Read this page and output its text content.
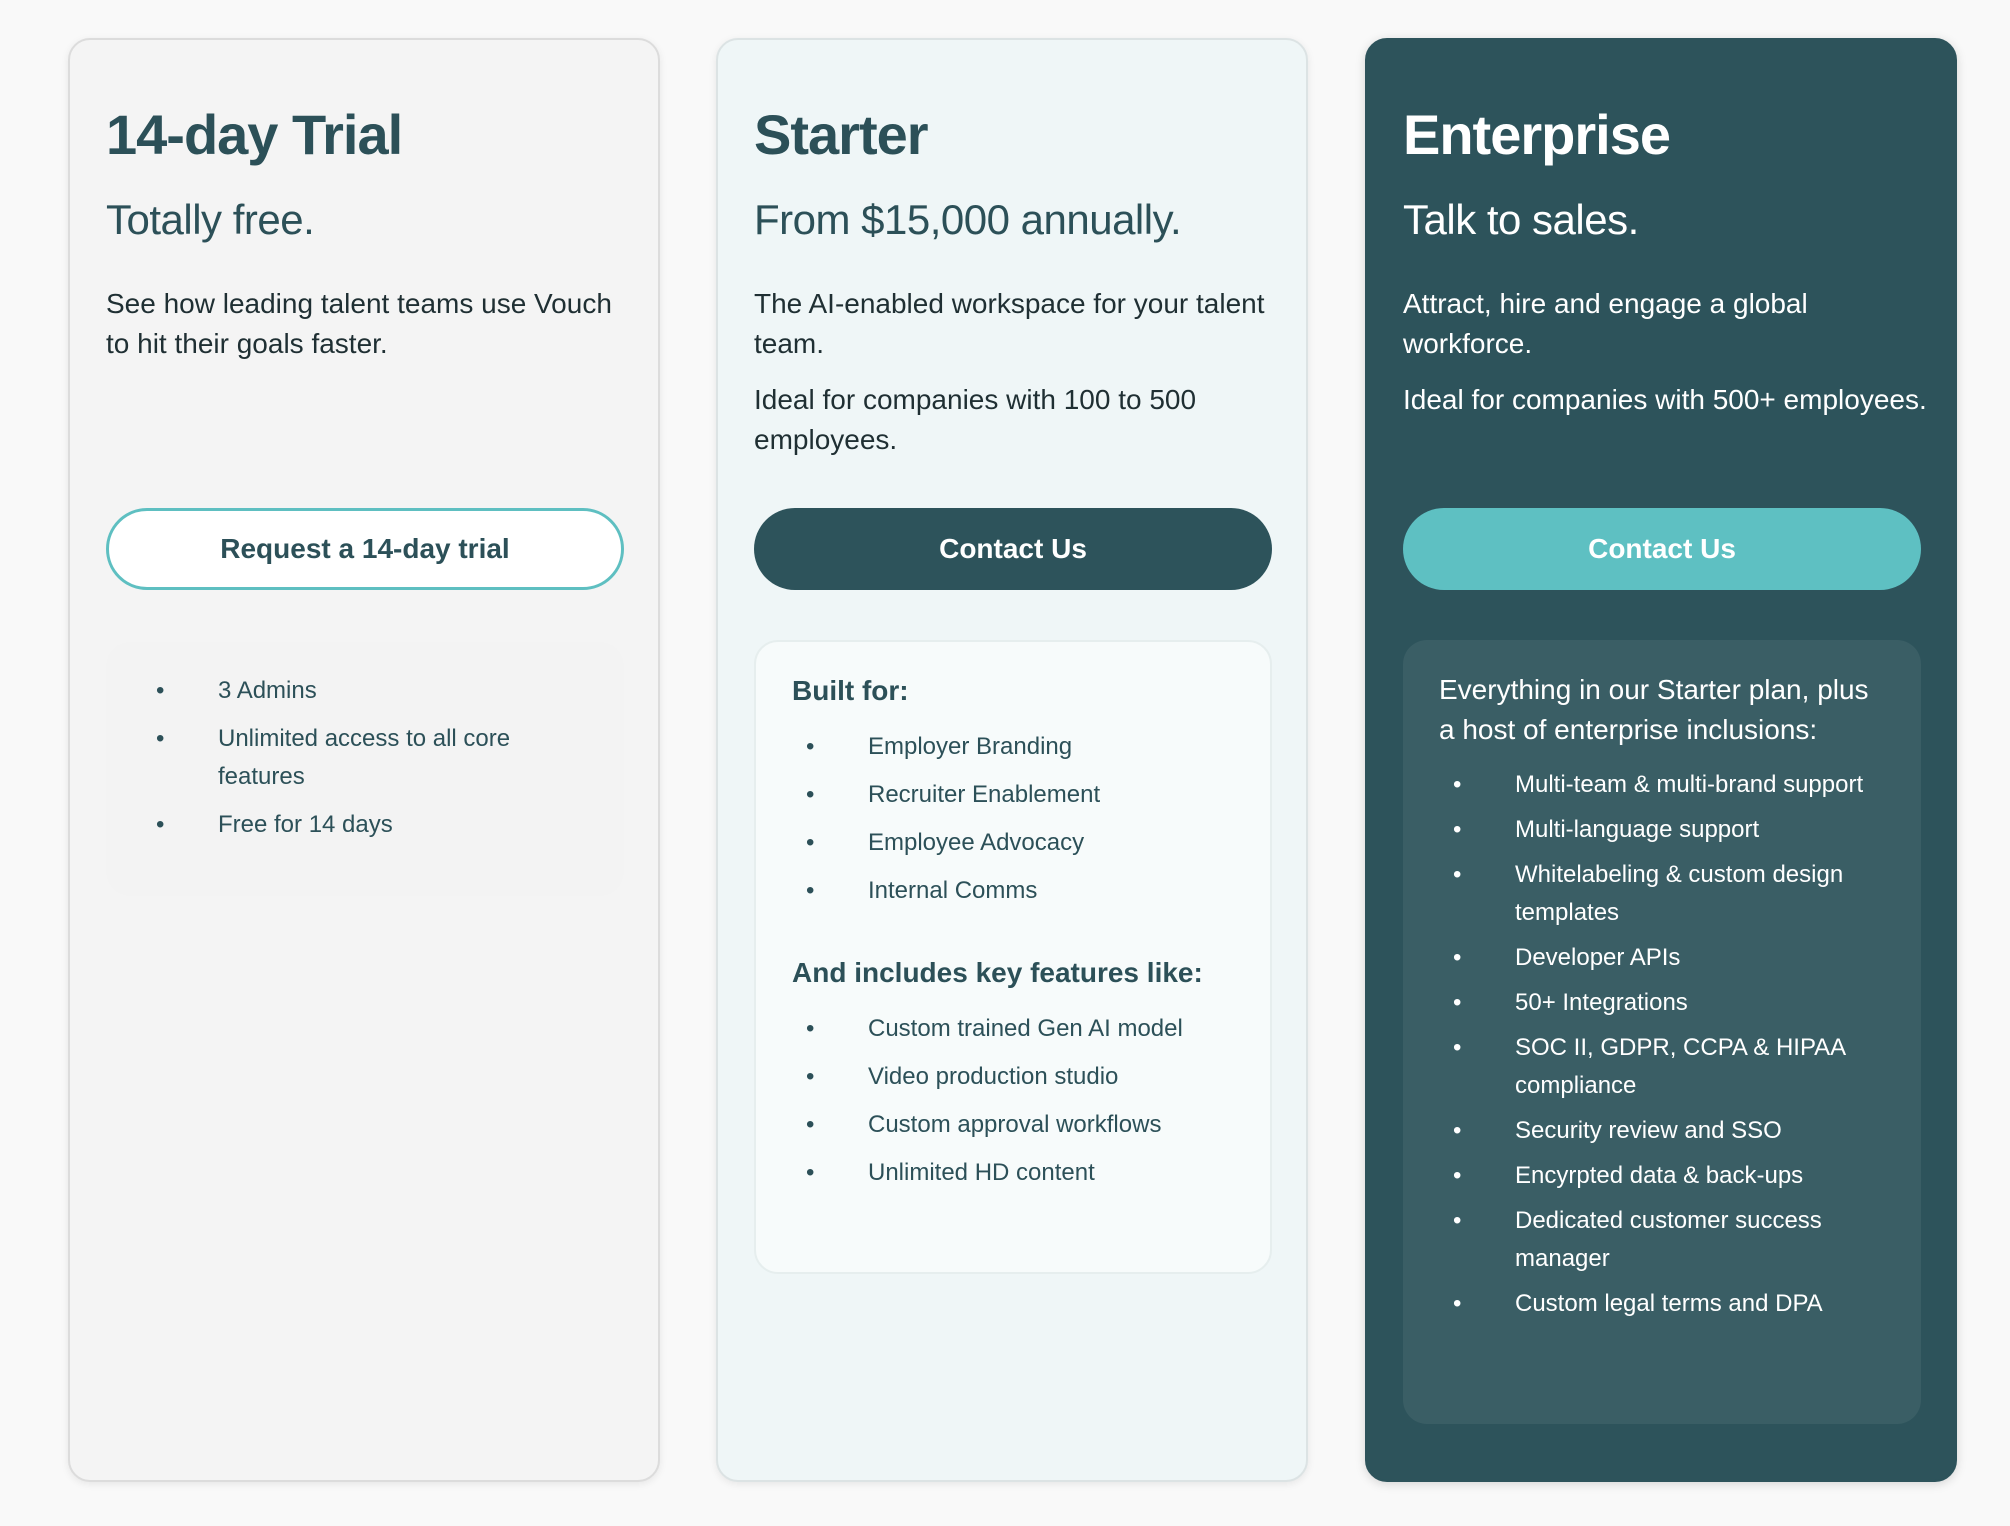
14-day Trial

Totally free.

See how leading talent teams use Vouch to hit their goals faster.

Request a 14-day trial
• 3 Admins
• Unlimited access to all core features
• Free for 14 days
Starter

From $15,000 annually.

The AI-enabled workspace for your talent team.

Ideal for companies with 100 to 500 employees.

Contact Us

Built for:

• Employer Branding
• Recruiter Enablement
• Employee Advocacy
• Internal Comms

And includes key features like:

• Custom trained Gen AI model
• Video production studio
• Custom approval workflows
• Unlimited HD content
Enterprise

Talk to sales.

Attract, hire and engage a global workforce.

Ideal for companies with 500+ employees.

Contact Us

Everything in our Starter plan, plus a host of enterprise inclusions:

• Multi-team & multi-brand support
• Multi-language support
• Whitelabeling & custom design templates
• Developer APIs
• 50+ Integrations
• SOC II, GDPR, CCPA & HIPAA compliance
• Security review and SSO
• Encyrpted data & back-ups
• Dedicated customer success manager
• Custom legal terms and DPA
